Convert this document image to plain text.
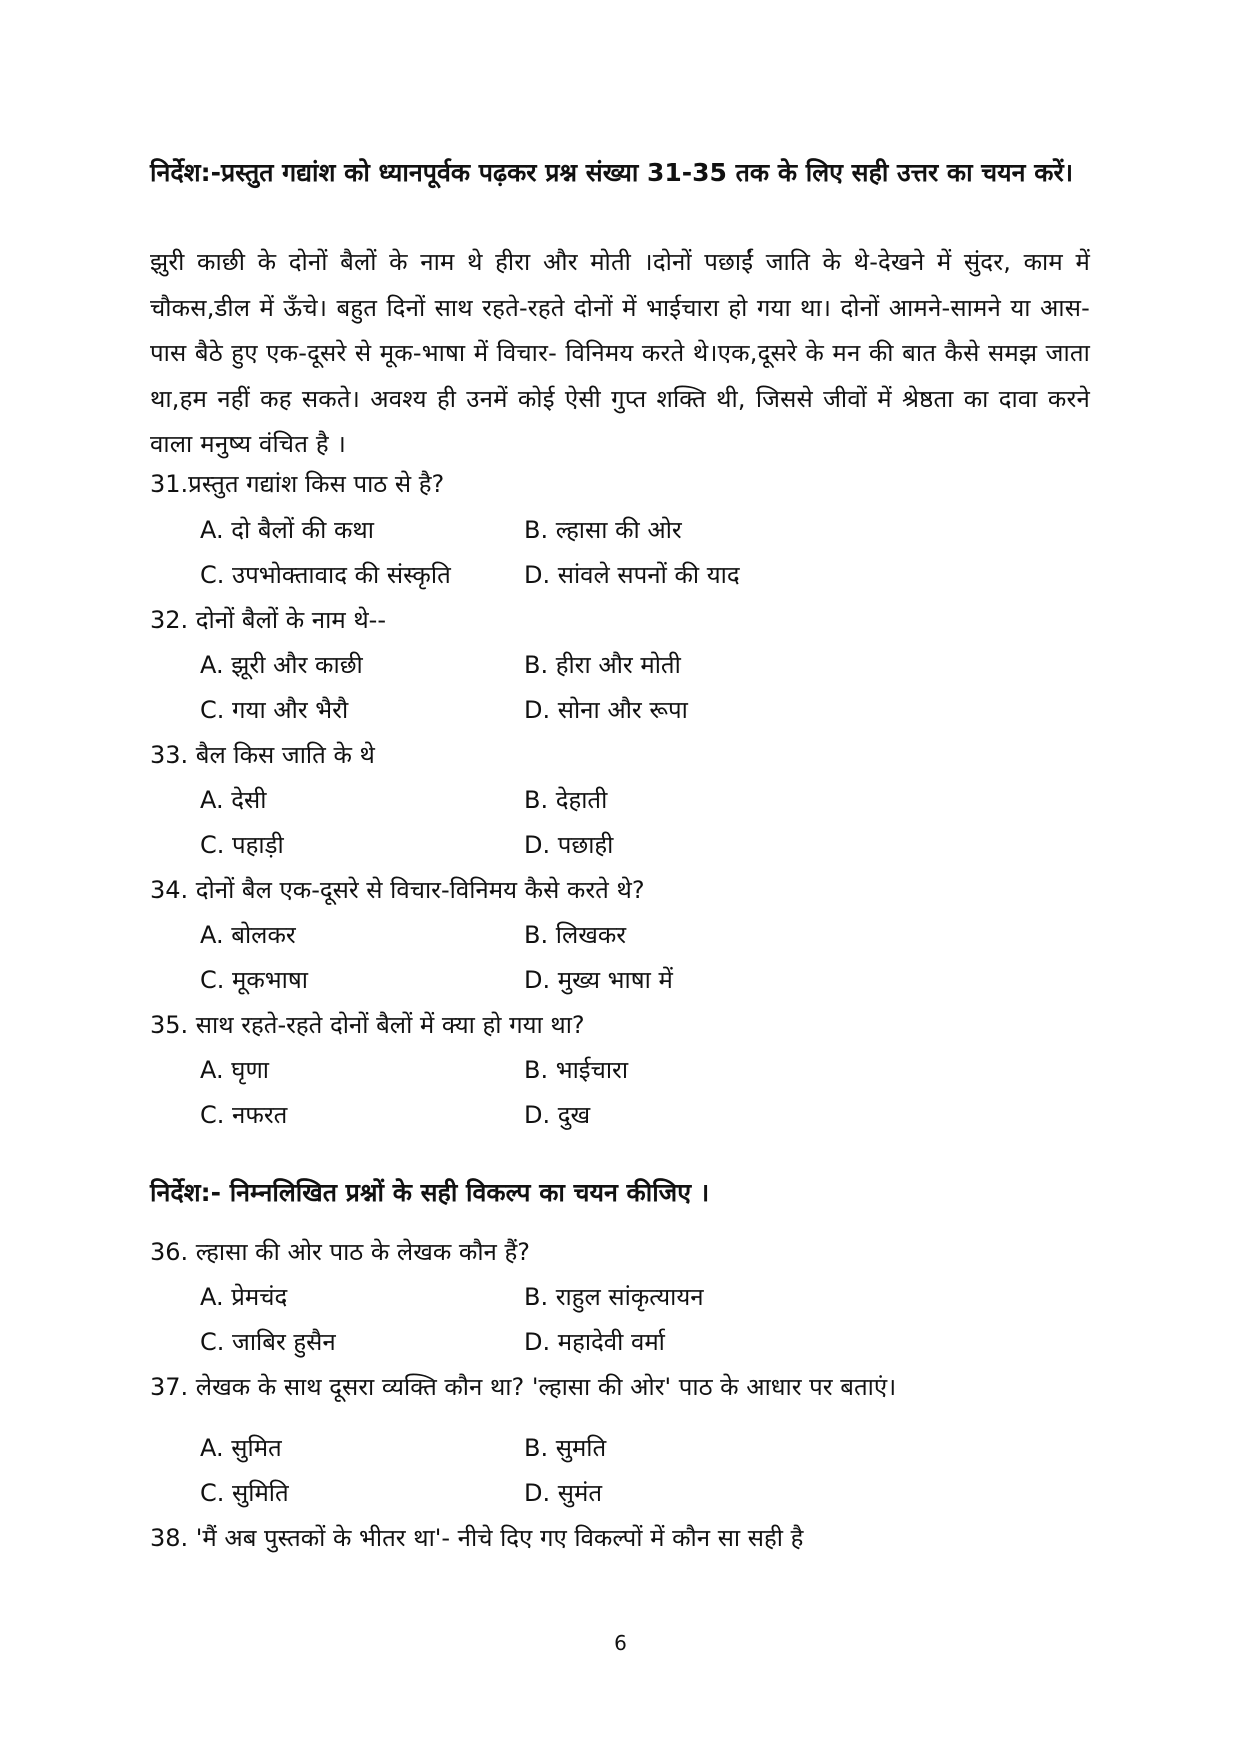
निर्देश:-प्रस्तुत गद्यांश को ध्यानपूर्वक पढ़कर प्रश्न संख्या 31-35 तक के लिए सही उत्तर का चयन करें।
झुरी काछी के दोनों बैलों के नाम थे हीरा और मोती ।दोनों पछाईं जाति के थे-देखने में सुंदर, काम में चौकस,डील में ऊँचे। बहुत दिनों साथ रहते-रहते दोनों में भाईचारा हो गया था। दोनों आमने-सामने या आस-पास बैठे हुए एक-दूसरे से मूक-भाषा में विचार- विनिमय करते थे।एक,दूसरे के मन की बात कैसे समझ जाता था,हम नहीं कह सकते। अवश्य ही उनमें कोई ऐसी गुप्त शक्ति थी, जिससे जीवों में श्रेष्ठता का दावा करने वाला मनुष्य वंचित है ।
31.प्रस्तुत गद्यांश किस पाठ से है?
A. दो बैलों की कथा	B. ल्हासा की ओर
C. उपभोक्तावाद की संस्कृति	D. सांवले सपनों की याद
32. दोनों बैलों के नाम थे--
A. झूरी और काछी	B. हीरा और मोती
C. गया और भैरौ	D. सोना और रूपा
33. बैल किस जाति के थे
A. देसी	B. देहाती
C. पहाड़ी	D. पछाही
34. दोनों बैल एक-दूसरे से विचार-विनिमय कैसे करते थे?
A. बोलकर	B. लिखकर
C. मूकभाषा	D. मुख्य भाषा में
35. साथ रहते-रहते दोनों बैलों में क्या हो गया था?
A. घृणा	B. भाईचारा
C. नफरत	D. दुख
निर्देश:- निम्नलिखित प्रश्नों के सही विकल्प का चयन कीजिए ।
36. ल्हासा की ओर पाठ के लेखक कौन हैं?
A. प्रेमचंद	B. राहुल सांकृत्यायन
C. जाबिर हुसैन	D. महादेवी वर्मा
37. लेखक के साथ दूसरा व्यक्ति कौन था? 'ल्हासा की ओर' पाठ के आधार पर बताएं।
A. सुमित	B. सुमति
C. सुमिति	D. सुमंत
38. 'मैं अब पुस्तकों के भीतर था'- नीचे दिए गए विकल्पों में कौन सा सही है
6
